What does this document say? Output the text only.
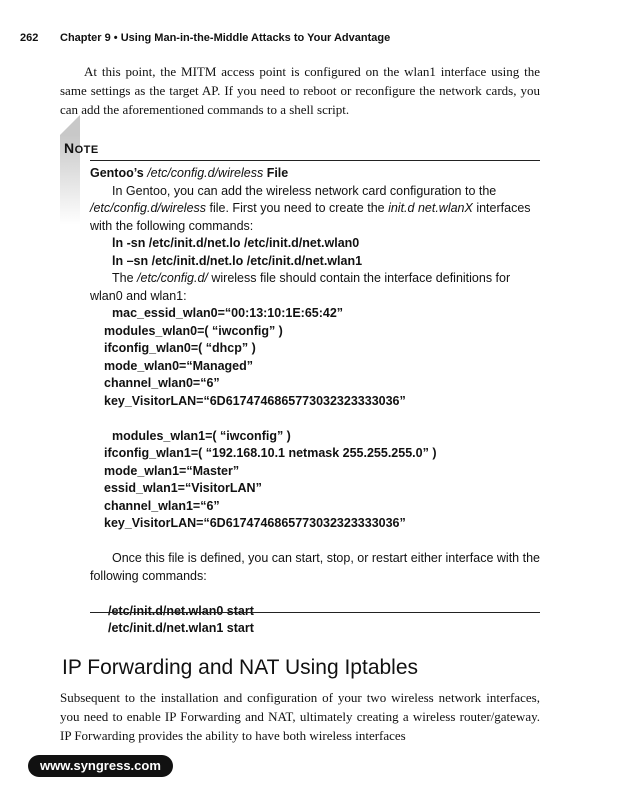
262 Chapter 9 • Using Man-in-the-Middle Attacks to Your Advantage
At this point, the MITM access point is configured on the wlan1 interface using the same settings as the target AP. If you need to reboot or reconfigure the network cards, you can add the aforementioned commands to a shell script.
NOTE
Gentoo’s /etc/config.d/wireless File
In Gentoo, you can add the wireless network card configuration to the /etc/config.d/wireless file. First you need to create the init.d net.wlanX interfaces with the following commands:
ln -sn /etc/init.d/net.lo /etc/init.d/net.wlan0
ln –sn /etc/init.d/net.lo /etc/init.d/net.wlan1
The /etc/config.d/ wireless file should contain the interface definitions for wlan0 and wlan1:
mac_essid_wlan0=“00:13:10:1E:65:42”
modules_wlan0=( “iwconfig” )
ifconfig_wlan0=( “dhcp” )
mode_wlan0=“Managed”
channel_wlan0=“6”
key_VisitorLAN=“6D6174746865773032323333036”
modules_wlan1=( “iwconfig” )
ifconfig_wlan1=( “192.168.10.1 netmask 255.255.255.0” )
mode_wlan1=“Master”
essid_wlan1=“VisitorLAN”
channel_wlan1=“6”
key_VisitorLAN=“6D6174746865773032323333036”
Once this file is defined, you can start, stop, or restart either interface with the following commands:
/etc/init.d/net.wlan0 start
/etc/init.d/net.wlan1 start
IP Forwarding and NAT Using Iptables
Subsequent to the installation and configuration of your two wireless network interfaces, you need to enable IP Forwarding and NAT, ultimately creating a wireless router/gateway. IP Forwarding provides the ability to have both wireless interfaces
www.syngress.com
